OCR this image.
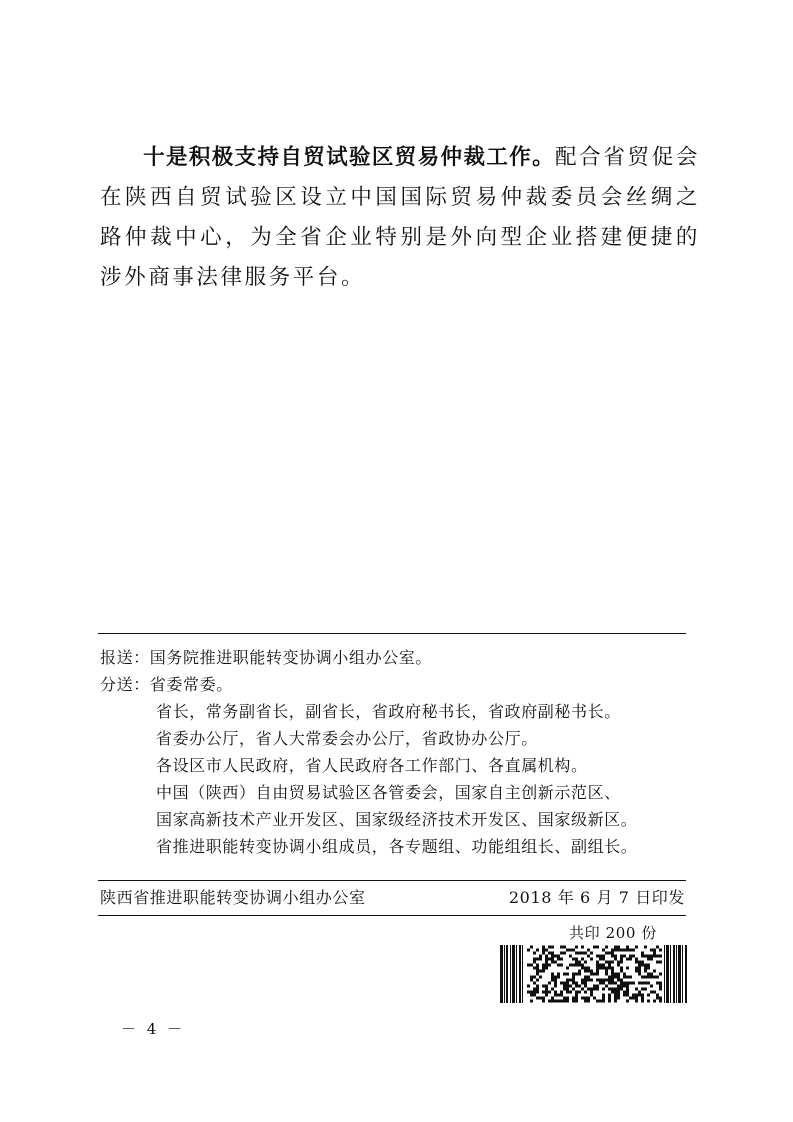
十是积极支持自贸试验区贸易仲裁工作。配合省贸促会在陕西自贸试验区设立中国国际贸易仲裁委员会丝绸之路仲裁中心，为全省企业特别是外向型企业搭建便捷的涉外商事法律服务平台。
报送：国务院推进职能转变协调小组办公室。
分送：省委常委。
省长，常务副省长，副省长，省政府秘书长，省政府副秘书长。
省委办公厅，省人大常委会办公厅，省政协办公厅。
各设区市人民政府，省人民政府各工作部门、各直属机构。
中国（陕西）自由贸易试验区各管委会，国家自主创新示范区、
国家高新技术产业开发区、国家级经济技术开发区、国家级新区。
省推进职能转变协调小组成员，各专题组、功能组组长、副组长。
陕西省推进职能转变协调小组办公室	2018 年 6 月 7 日印发
共印 200 份
－ 4 －
